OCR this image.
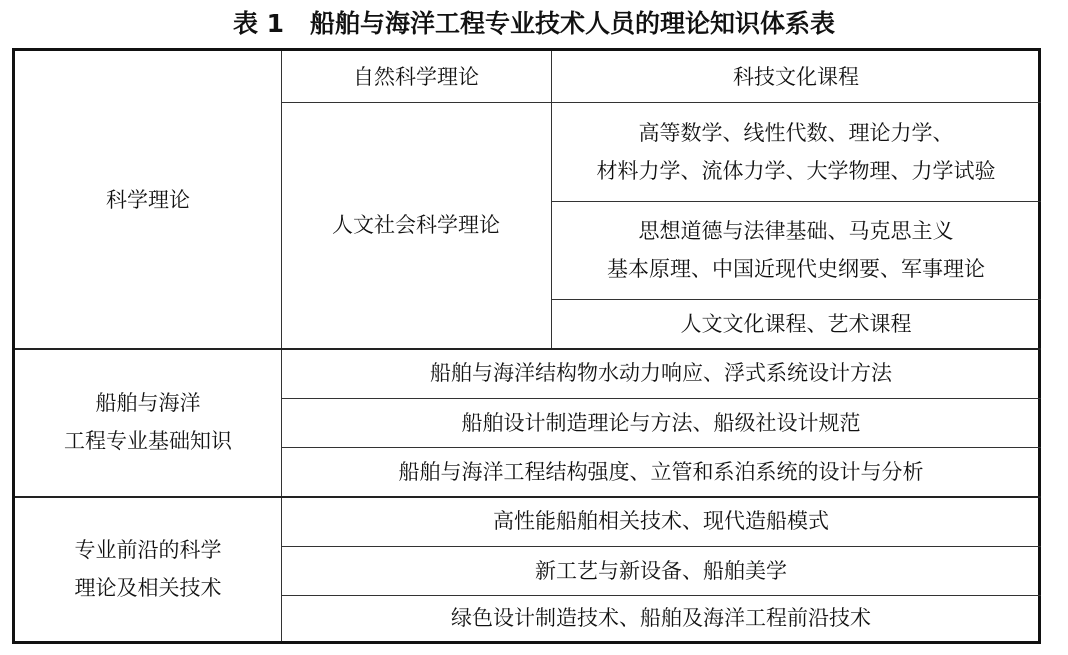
表 1 船舶与海洋工程专业技术人员的理论知识体系表
科学理论
自然科学理论	科技文化课程
人文社会科学理论
高等数学、线性代数、理论力学、
材料力学、流体力学、大学物理、力学试验
思想道德与法律基础、马克思主义
基本原理、中国近现代史纲要、军事理论
人文文化课程、艺术课程
船舶与海洋
工程专业基础知识
船舶与海洋结构物水动力响应、浮式系统设计方法
船舶设计制造理论与方法、船级社设计规范
船舶与海洋工程结构强度、立管和系泊系统的设计与分析
专业前沿的科学
理论及相关技术
高性能船舶相关技术、现代造船模式
新工艺与新设备、船舶美学
绿色设计制造技术、船舶及海洋工程前沿技术
